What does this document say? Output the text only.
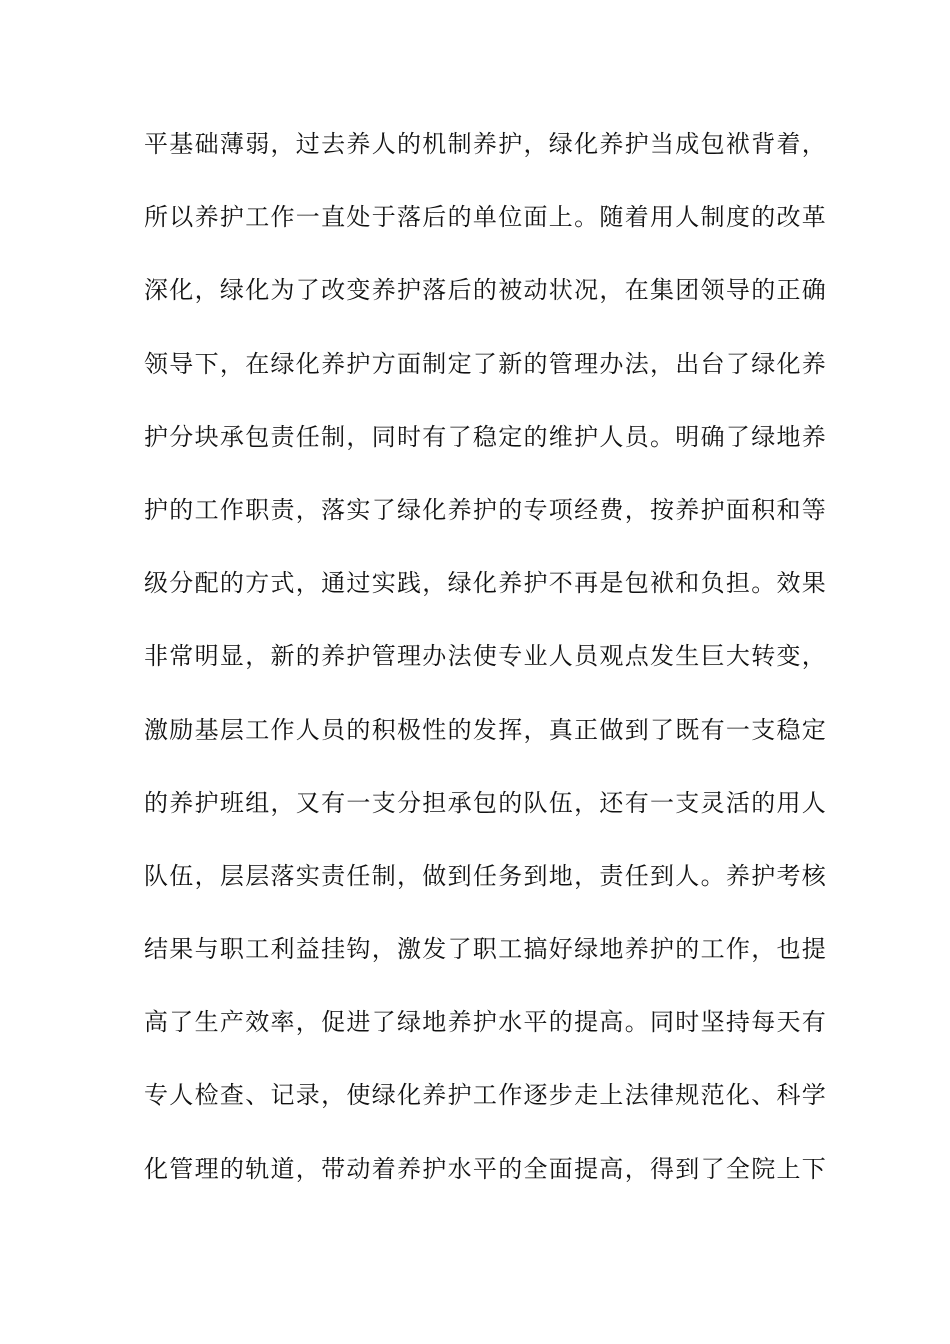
平基础薄弱，过去养人的机制养护，绿化养护当成包袱背着，
所以养护工作一直处于落后的单位面上。随着用人制度的改革
深化，绿化为了改变养护落后的被动状况，在集团领导的正确
领导下，在绿化养护方面制定了新的管理办法，出台了绿化养
护分块承包责任制，同时有了稳定的维护人员。明确了绿地养
护的工作职责，落实了绿化养护的专项经费，按养护面积和等
级分配的方式，通过实践，绿化养护不再是包袱和负担。效果
非常明显，新的养护管理办法使专业人员观点发生巨大转变，
激励基层工作人员的积极性的发挥，真正做到了既有一支稳定
的养护班组，又有一支分担承包的队伍，还有一支灵活的用人
队伍，层层落实责任制，做到任务到地，责任到人。养护考核
结果与职工利益挂钩，激发了职工搞好绿地养护的工作，也提
高了生产效率，促进了绿地养护水平的提高。同时坚持每天有
专人检查、记录，使绿化养护工作逐步走上法律规范化、科学
化管理的轨道，带动着养护水平的全面提高，得到了全院上下
